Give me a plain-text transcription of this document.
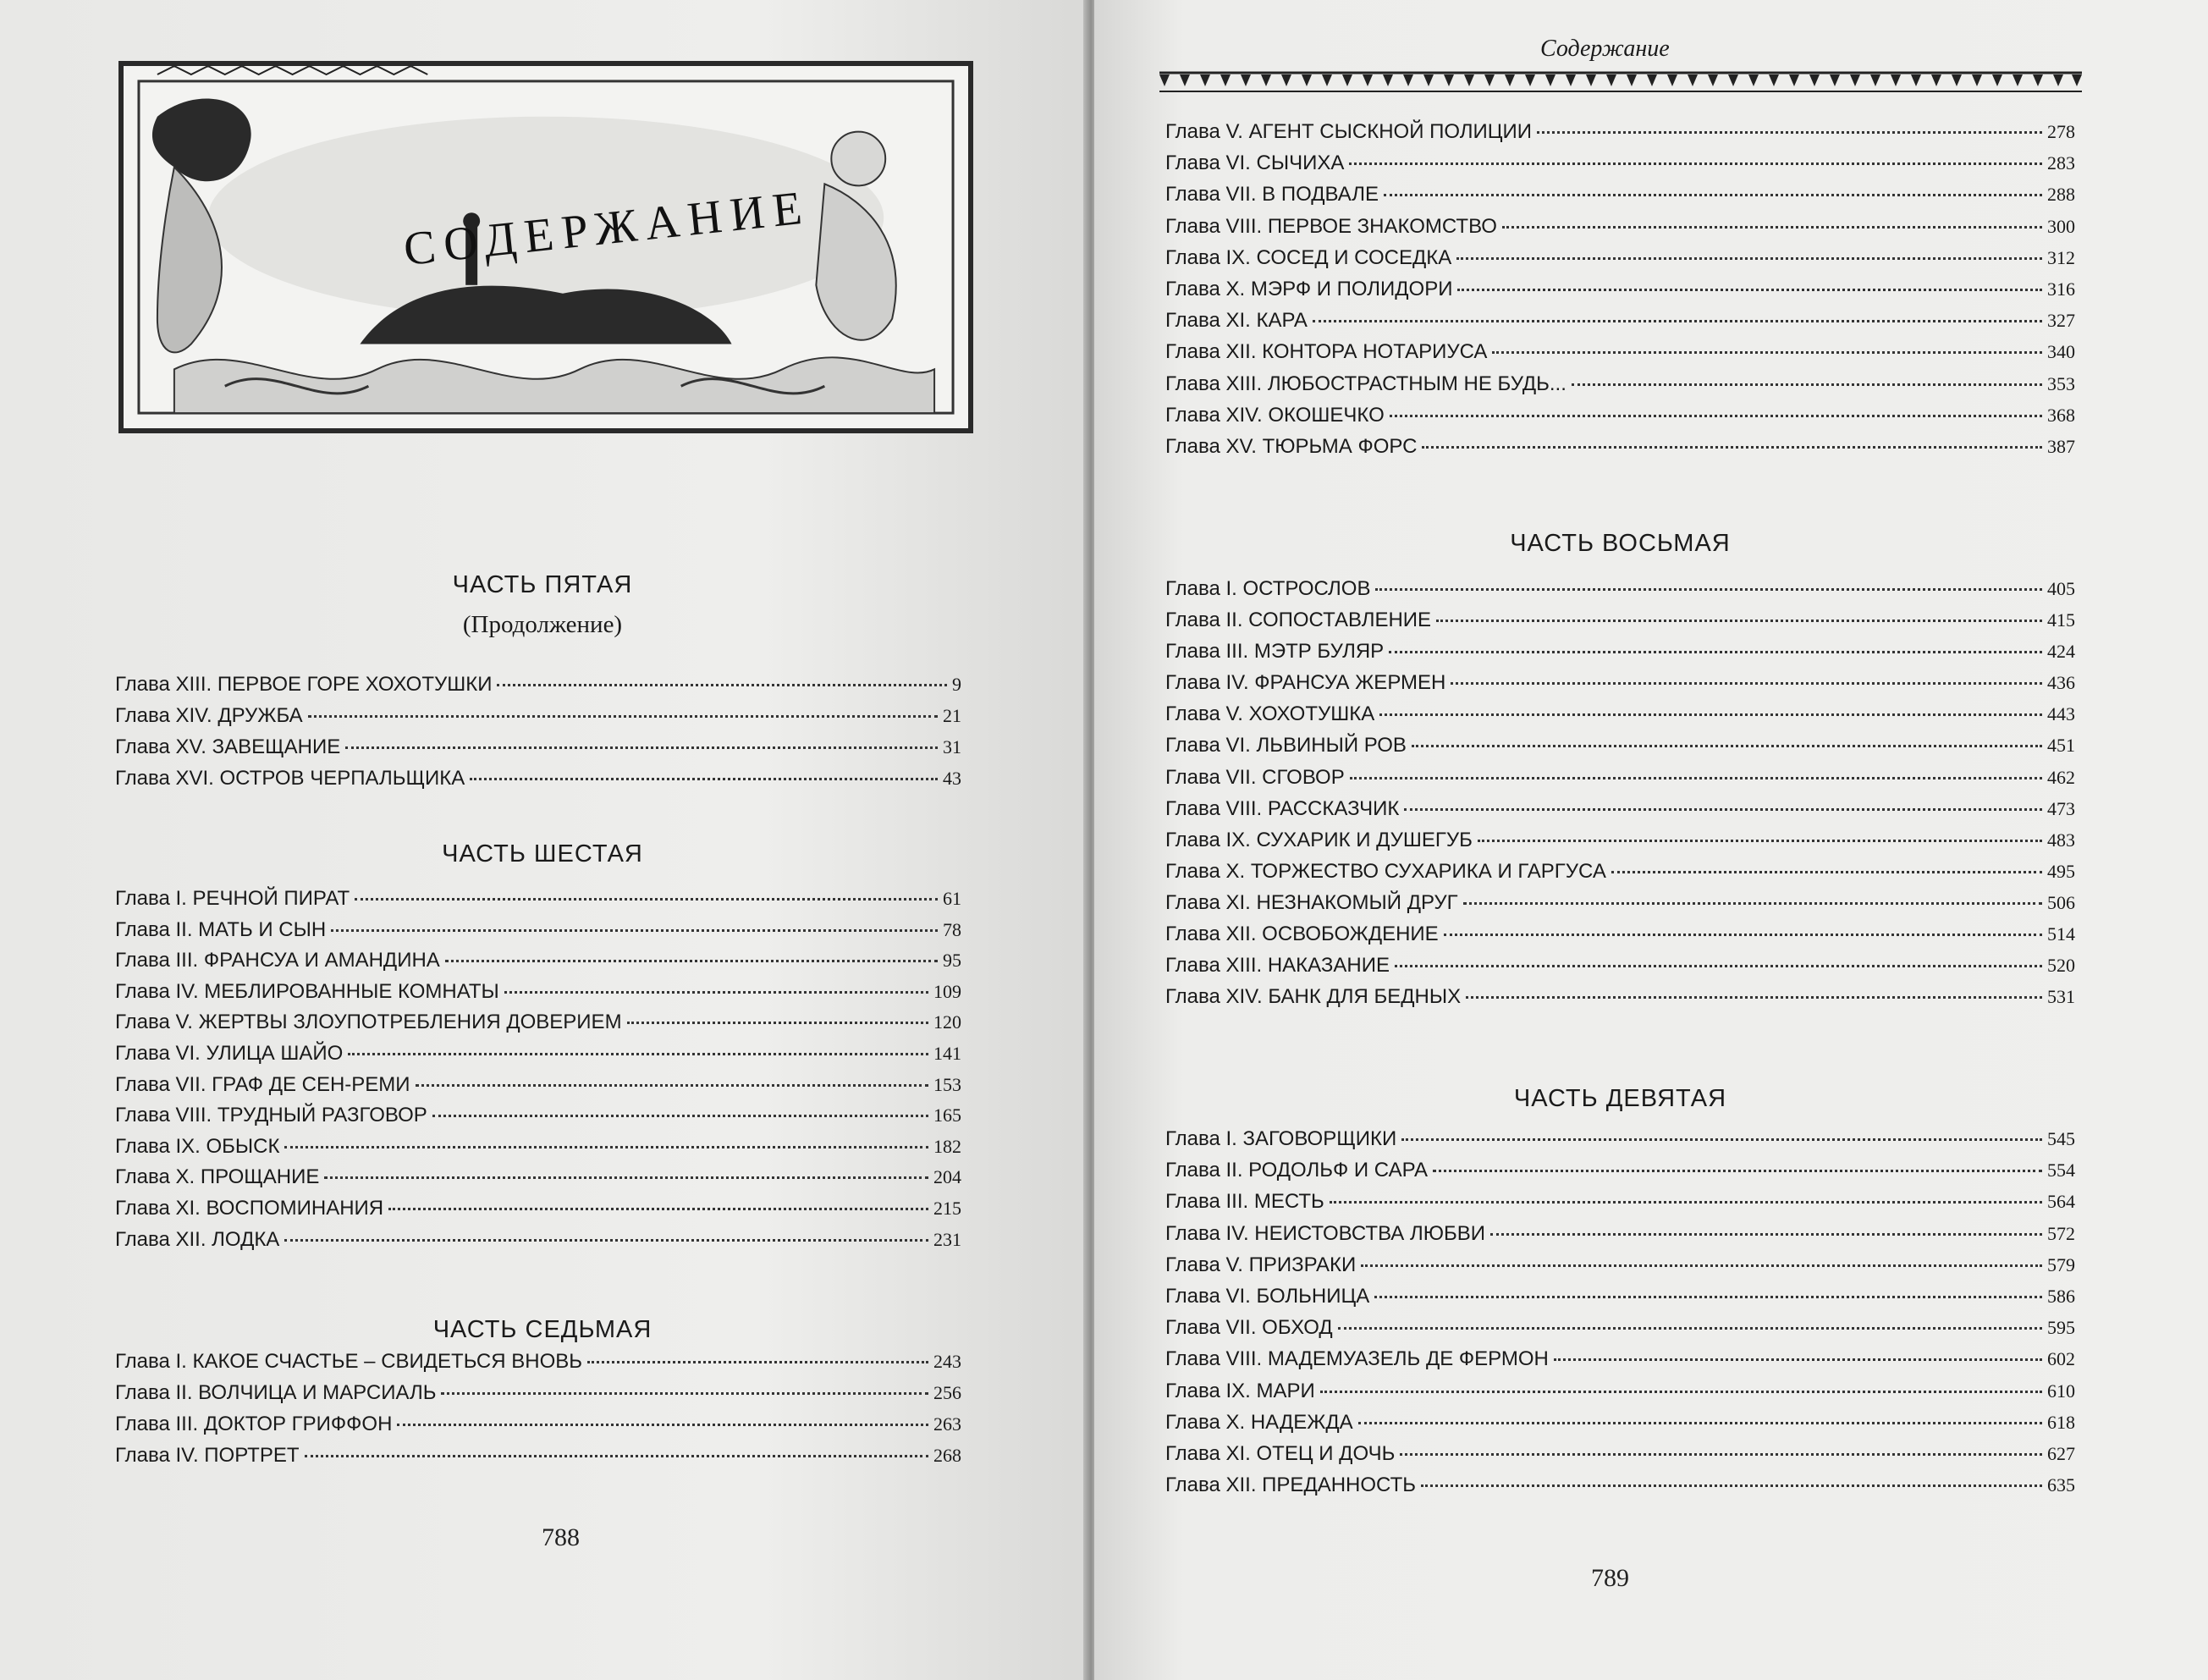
СОДЕРЖАНИЕ
ЧАСТЬ ПЯТАЯ
(Продолжение)
Глава XIII. ПЕРВОЕ ГОРЕ ХОХОТУШКИ	9
Глава XIV. ДРУЖБА	21
Глава XV. ЗАВЕЩАНИЕ	31
Глава XVI. ОСТРОВ ЧЕРПАЛЬЩИКА	43
ЧАСТЬ ШЕСТАЯ
Глава I. РЕЧНОЙ ПИРАТ	61
Глава II. МАТЬ И СЫН	78
Глава III. ФРАНСУА И АМАНДИНА	95
Глава IV. МЕБЛИРОВАННЫЕ КОМНАТЫ	109
Глава V. ЖЕРТВЫ ЗЛОУПОТРЕБЛЕНИЯ ДОВЕРИЕМ	120
Глава VI. УЛИЦА ШАЙО	141
Глава VII. ГРАФ ДЕ СЕН-РЕМИ	153
Глава VIII. ТРУДНЫЙ РАЗГОВОР	165
Глава IX. ОБЫСК	182
Глава X. ПРОЩАНИЕ	204
Глава XI. ВОСПОМИНАНИЯ	215
Глава XII. ЛОДКА	231
ЧАСТЬ СЕДЬМАЯ
Глава I. КАКОЕ СЧАСТЬЕ – СВИДЕТЬСЯ ВНОВЬ	243
Глава II. ВОЛЧИЦА И МАРСИАЛЬ	256
Глава III. ДОКТОР ГРИФФОН	263
Глава IV. ПОРТРЕТ	268
788
Содержание
Глава V. АГЕНТ СЫСКНОЙ ПОЛИЦИИ	278
Глава VI. СЫЧИХА	283
Глава VII. В ПОДВАЛЕ	288
Глава VIII. ПЕРВОЕ ЗНАКОМСТВО	300
Глава IX. СОСЕД И СОСЕДКА	312
Глава X. МЭРФ И ПОЛИДОРИ	316
Глава XI. КАРА	327
Глава XII. КОНТОРА НОТАРИУСА	340
Глава XIII. ЛЮБОСТРАСТНЫМ НЕ БУДЬ...	353
Глава XIV. ОКОШЕЧКО	368
Глава XV. ТЮРЬМА ФОРС	387
ЧАСТЬ ВОСЬМАЯ
Глава I. ОСТРОСЛОВ	405
Глава II. СОПОСТАВЛЕНИЕ	415
Глава III. МЭТР БУЛЯР	424
Глава IV. ФРАНСУА ЖЕРМЕН	436
Глава V. ХОХОТУШКА	443
Глава VI. ЛЬВИНЫЙ РОВ	451
Глава VII. СГОВОР	462
Глава VIII. РАССКАЗЧИК	473
Глава IX. СУХАРИК И ДУШЕГУБ	483
Глава X. ТОРЖЕСТВО СУХАРИКА И ГАРГУСА	495
Глава XI. НЕЗНАКОМЫЙ ДРУГ	506
Глава XII. ОСВОБОЖДЕНИЕ	514
Глава XIII. НАКАЗАНИЕ	520
Глава XIV. БАНК ДЛЯ БЕДНЫХ	531
ЧАСТЬ ДЕВЯТАЯ
Глава I. ЗАГОВОРЩИКИ	545
Глава II. РОДОЛЬФ И САРА	554
Глава III. МЕСТЬ	564
Глава IV. НЕИСТОВСТВА ЛЮБВИ	572
Глава V. ПРИЗРАКИ	579
Глава VI. БОЛЬНИЦА	586
Глава VII. ОБХОД	595
Глава VIII. МАДЕМУАЗЕЛЬ ДЕ ФЕРМОН	602
Глава IX. МАРИ	610
Глава X. НАДЕЖДА	618
Глава XI. ОТЕЦ И ДОЧЬ	627
Глава XII. ПРЕДАННОСТЬ	635
789
